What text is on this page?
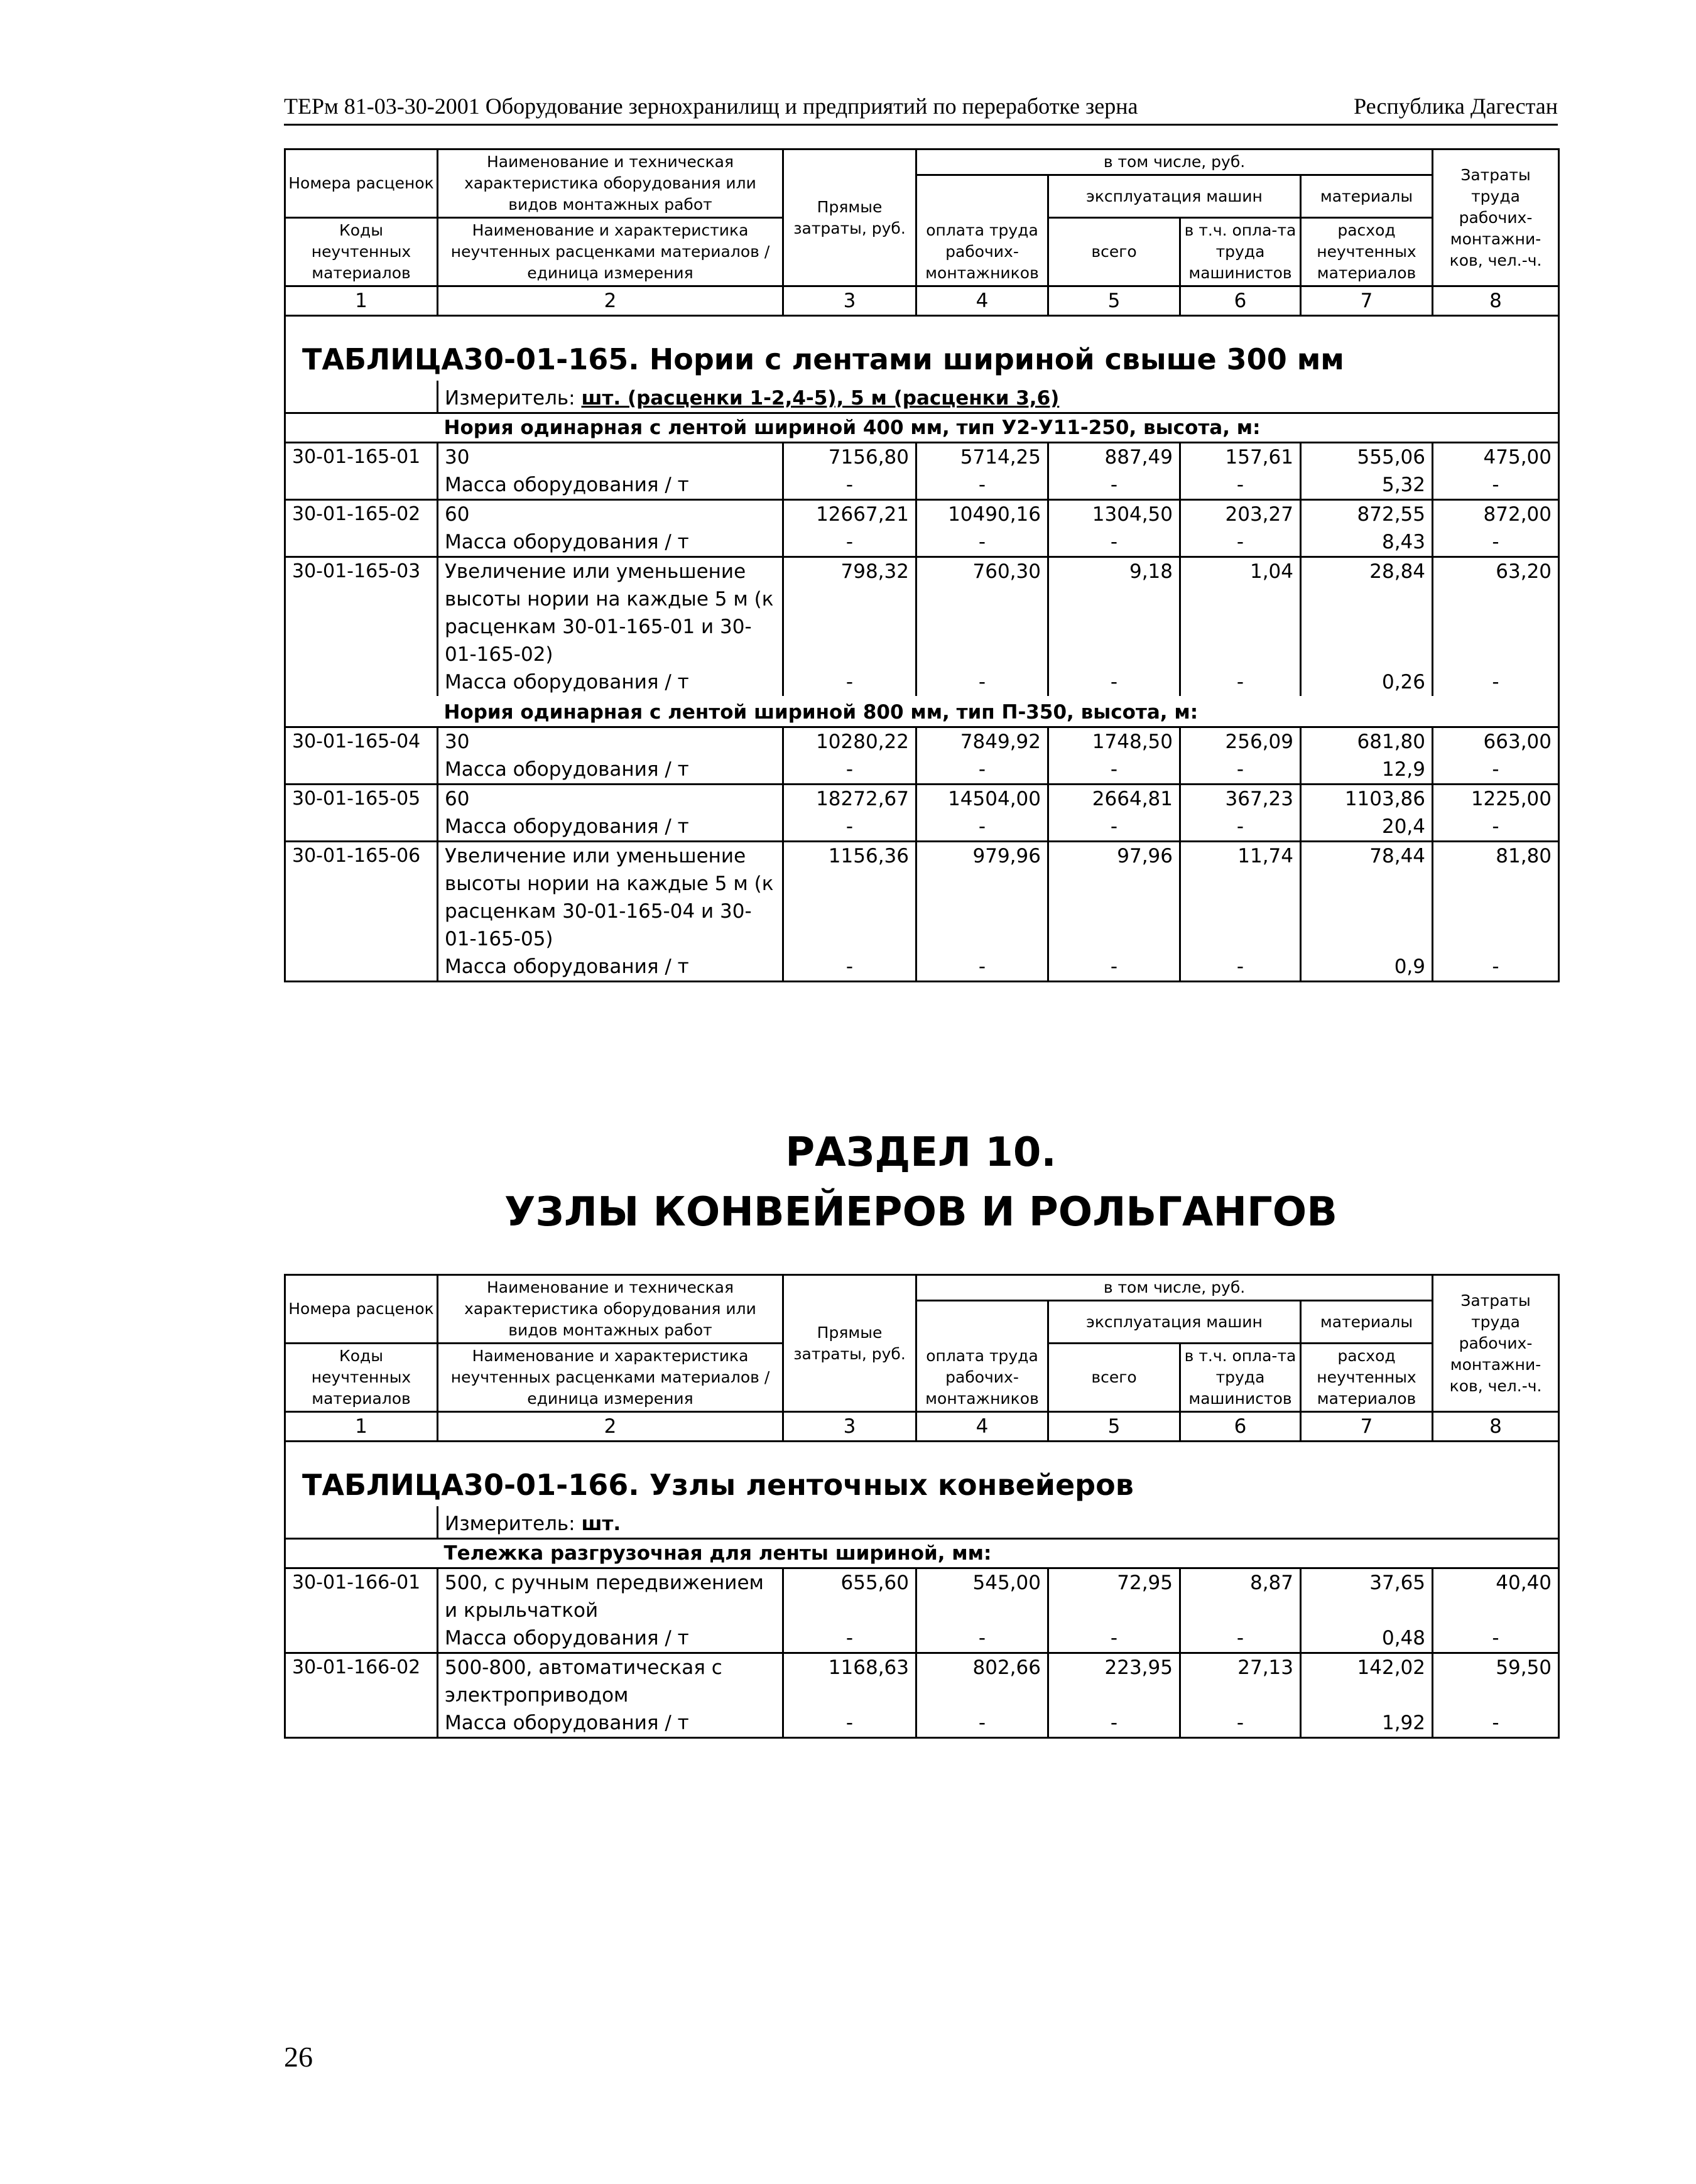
ТЕРм 81-03-30-2001 Оборудование зернохранилищ и предприятий по переработке зерна	Республика Дагестан
Номера расценок	Наименование и техническая характеристика оборудования или видов монтажных работ	Прямые затраты, руб.	в том числе, руб.				Затраты труда рабочих-монтажни-ков, чел.-ч.
			оплата труда рабочих-монтажников	эксплуатация машин		материалы	
Коды неучтенных материалов	Наименование и характеристика неучтенных расценками материалов / единица измерения			всего	в т.ч. опла-та труда машинистов	расход неучтенных материалов	

1	2	3	4	5	6	7	8
ТАБЛИЦА30-01-165. Нории с лентами шириной свыше 300 мм							
	Измеритель: шт. (расценки 1-2,4-5), 5 м (расценки 3,6)						
	Нория одинарная с лентой шириной 400 мм, тип У2-У11-250, высота, м:						
30-01-165-01	30	7156,80	5714,25	887,49	157,61	555,06	475,00
	Масса оборудования / т	-	-	-	-	5,32	-
30-01-165-02	60	12667,21	10490,16	1304,50	203,27	872,55	872,00
	Масса оборудования / т	-	-	-	-	8,43	-
30-01-165-03	Увеличение или уменьшение высоты нории на каждые 5 м (к расценкам 30-01-165-01 и 30-01-165-02)	798,32	760,30	9,18	1,04	28,84	63,20
	Масса оборудования / т	-	-	-	-	0,26	-
	Нория одинарная с лентой шириной 800 мм, тип П-350, высота, м:						
30-01-165-04	30	10280,22	7849,92	1748,50	256,09	681,80	663,00
	Масса оборудования / т	-	-	-	-	12,9	-
30-01-165-05	60	18272,67	14504,00	2664,81	367,23	1103,86	1225,00
	Масса оборудования / т	-	-	-	-	20,4	-
30-01-165-06	Увеличение или уменьшение высоты нории на каждые 5 м (к расценкам 30-01-165-04 и 30-01-165-05)	1156,36	979,96	97,96	11,74	78,44	81,80
	Масса оборудования / т	-	-	-	-	0,9	-
РАЗДЕЛ 10.
УЗЛЫ КОНВЕЙЕРОВ И РОЛЬГАНГОВ
Номера расценок	Наименование и техническая характеристика оборудования или видов монтажных работ	Прямые затраты, руб.	в том числе, руб.				Затраты труда рабочих-монтажни-ков, чел.-ч.
			оплата труда рабочих-монтажников	эксплуатация машин		материалы	
Коды неучтенных материалов	Наименование и характеристика неучтенных расценками материалов / единица измерения			всего	в т.ч. опла-та труда машинистов	расход неучтенных материалов	

1	2	3	4	5	6	7	8
ТАБЛИЦА30-01-166. Узлы ленточных конвейеров							
	Измеритель: шт.						
	Тележка разгрузочная для ленты шириной, мм:						
30-01-166-01	500, с ручным передвижением и крыльчаткой	655,60	545,00	72,95	8,87	37,65	40,40
	Масса оборудования / т	-	-	-	-	0,48	-
30-01-166-02	500-800, автоматическая с электроприводом	1168,63	802,66	223,95	27,13	142,02	59,50
	Масса оборудования / т	-	-	-	-	1,92	-
26
